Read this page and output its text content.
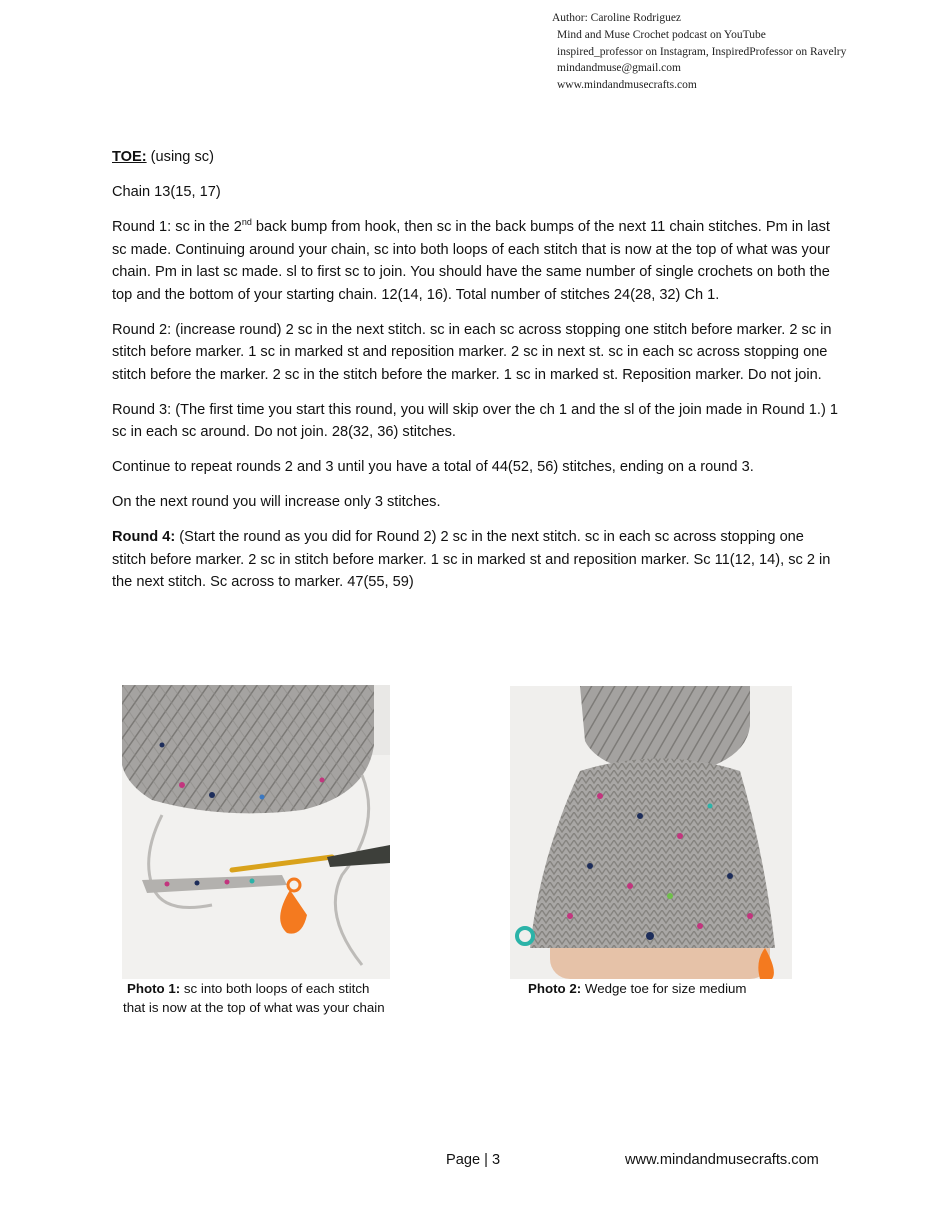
Author: Caroline Rodriguez
Mind and Muse Crochet podcast on YouTube
inspired_professor on Instagram, InspiredProfessor on Ravelry
mindandmuse@gmail.com
www.mindandmusecrafts.com

TOE: (using sc)

Chain 13(15, 17)

Round 1: sc in the 2nd back bump from hook, then sc in the back bumps of the next 11 chain stitches. Pm in last sc made. Continuing around your chain, sc into both loops of each stitch that is now at the top of what was your chain. Pm in last sc made. sl to first sc to join. You should have the same number of single crochets on both the top and the bottom of your starting chain. 12(14, 16). Total number of stitches 24(28, 32) Ch 1.

Round 2: (increase round) 2 sc in the next stitch. sc in each sc across stopping one stitch before marker. 2 sc in stitch before marker. 1 sc in marked st and reposition marker. 2 sc in next st. sc in each sc across stopping one stitch before the marker. 2 sc in the stitch before the marker. 1 sc in marked st. Reposition marker. Do not join.

Round 3: (The first time you start this round, you will skip over the ch 1 and the sl of the join made in Round 1.) 1 sc in each sc around. Do not join. 28(32, 36) stitches.

Continue to repeat rounds 2 and 3 until you have a total of 44(52, 56) stitches, ending on a round 3.

On the next round you will increase only 3 stitches.

Round 4: (Start the round as you did for Round 2) 2 sc in the next stitch. sc in each sc across stopping one stitch before marker. 2 sc in stitch before marker. 1 sc in marked st and reposition marker. Sc 11(12, 14), sc 2 in the next stitch. Sc across to marker. 47(55, 59)

Photo 1: sc into both loops of each stitch
that is now at the top of what was your chain
Photo 2: Wedge toe for size medium
Page | 3	www.mindandmusecrafts.com
